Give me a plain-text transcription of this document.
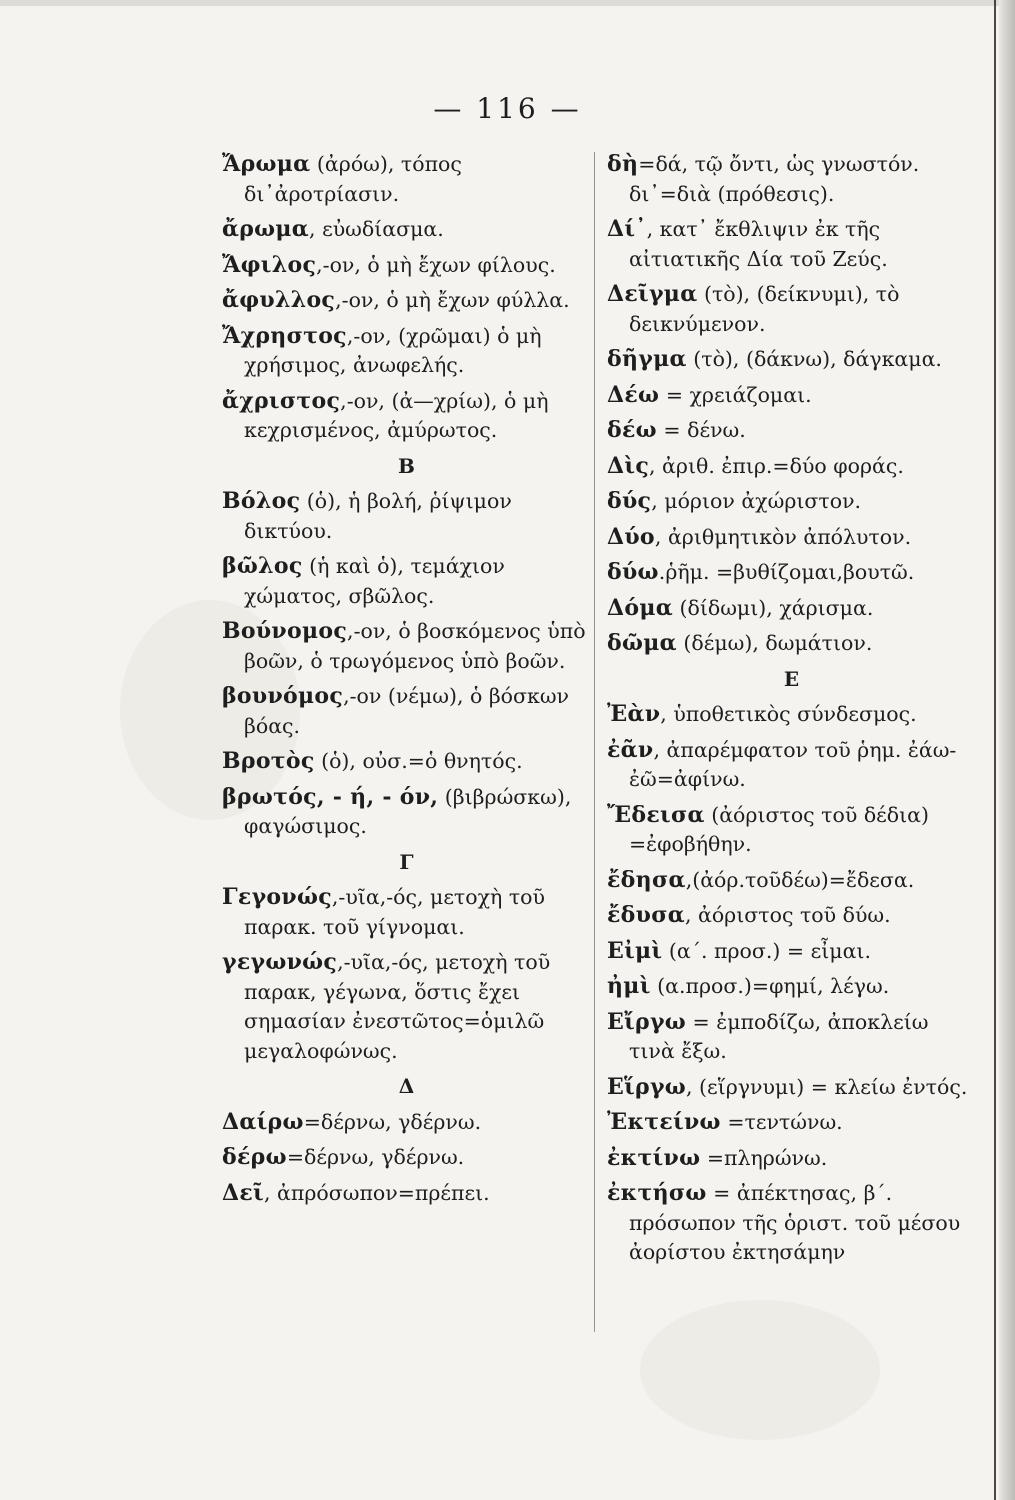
— 116 —
Ἄρωμα (ἀρόω), τόπος δι᾽ἀροτρίασιν.
ἄρωμα, εὐωδίασμα.
Ἄφιλος,-ον, ὁ μὴ ἔχων φίλους.
ἄφυλλος,-ον, ὁ μὴ ἔχων φύλλα.
Ἄχρηστος,-ον, (χρῶμαι) ὁ μὴ χρήσιμος, ἀνωφελής.
ἄχριστος,-ον, (ἀ—χρίω), ὁ μὴ κεχρισμένος, ἀμύρωτος.
Β
Βόλος (ὁ), ἡ βολή, ῥίψιμον δικτύου.
βῶλος (ἡ καὶ ὁ), τεμάχιον χώματος, σβῶλος.
Βούνομος,-ον, ὁ βοσκόμενος ὑπὸ βοῶν, ὁ τρωγόμενος ὑπὸ βοῶν.
βουνόμος,-ον (νέμω), ὁ βόσκων βόας.
Βροτὸς (ὁ), οὐσ.=ὁ θνητός.
βρωτός, - ή, - όν, (βιβρώσκω), φαγώσιμος.
Γ
Γεγονώς,-υῖα,-ός, μετοχὴ τοῦ παρακ. τοῦ γίγνομαι.
γεγωνώς,-υῖα,-ός, μετοχὴ τοῦ παρακ, γέγωνα, ὅστις ἔχει σημασίαν ἐνεστῶτος=ὁμιλῶ μεγαλοφώνως.
Δ
Δαίρω=δέρνω, γδέρνω.
δέρω=δέρνω, γδέρνω.
Δεῖ, ἀπρόσωπον=πρέπει.
δὴ=δά, τῷ ὄντι, ὡς γνωστόν. δι᾽=διὰ (πρόθεσις).
Δί᾽, κατ᾽ ἔκθλιψιν ἐκ τῆς αἰτιατικῆς Δία τοῦ Ζεύς.
Δεῖγμα (τὸ), (δείκνυμι), τὸ δεικνύμενον.
δῆγμα (τὸ), (δάκνω), δάγκαμα.
Δέω = χρειάζομαι.
δέω = δένω.
Δὶς, ἀριθ. ἐπιρ.=δύο φοράς.
δύς, μόριον ἀχώριστον.
Δύο, ἀριθμητικὸν ἀπόλυτον.
δύω.ῥῆμ. =βυθίζομαι,βουτῶ.
Δόμα (δίδωμι), χάρισμα.
δῶμα (δέμω), δωμάτιον.
Ε
Ἐὰν, ὑποθετικὸς σύνδεσμος.
ἐᾶν, ἀπαρέμφατον τοῦ ῥημ. ἐάω-ἐῶ=ἀφίνω.
Ἔδεισα (ἀόριστος τοῦ δέδια) =ἐφοβήθην.
ἔδησα,(ἀόρ.τοῦδέω)=ἔδεσα.
ἔδυσα, ἀόριστος τοῦ δύω.
Εἰμὶ (α΄. προσ.) = εἶμαι.
ἠμὶ (α.προσ.)=φημί, λέγω.
Εἴργω = ἐμποδίζω, ἀποκλείω τινὰ ἔξω.
Εἵργω, (εἵργνυμι) = κλείω ἐντός.
Ἐκτείνω =τεντώνω.
ἐκτίνω =πληρώνω.
ἐκτήσω = ἀπέκτησας, β΄. πρόσωπον τῆς ὁριστ. τοῦ μέσου ἀορίστου ἐκτησάμην
